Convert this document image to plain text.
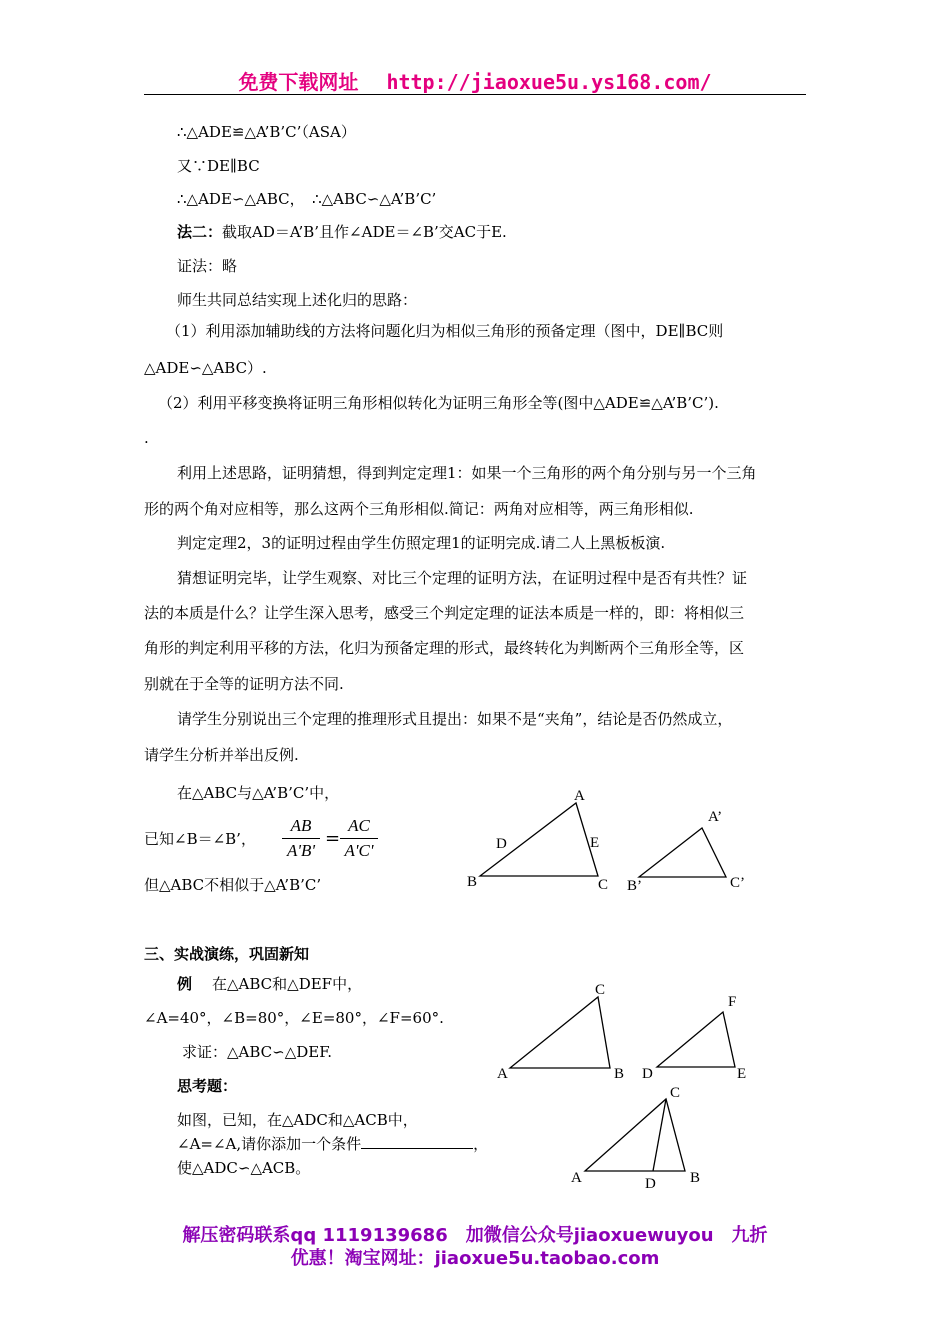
免费下载网址 http://jiaoxue5u.ys168.com/
∴△ADE≌△A’B’C’（ASA）
又∵DE∥BC
∴△ADE∽△ABC，　∴△ABC∽△A’B’C’
法二：截取AD＝A’B’且作∠ADE＝∠B’交AC于E.
证法：略
师生共同总结实现上述化归的思路：
（1）利用添加辅助线的方法将问题化归为相似三角形的预备定理（图中，DE∥BC则
△ADE∽△ABC）.
（2）利用平移变换将证明三角形相似转化为证明三角形全等(图中△ADE≌△A’B’C’).
.
利用上述思路，证明猜想，得到判定定理1：如果一个三角形的两个角分别与另一个三角
形的两个角对应相等，那么这两个三角形相似.简记：两角对应相等，两三角形相似.
判定定理2，3的证明过程由学生仿照定理1的证明完成.请二人上黑板板演.
猜想证明完毕，让学生观察、对比三个定理的证明方法，在证明过程中是否有共性？证
法的本质是什么？让学生深入思考，感受三个判定定理的证法本质是一样的，即：将相似三
角形的判定利用平移的方法，化归为预备定理的形式，最终转化为判断两个三角形全等，区
别就在于全等的证明方法不同.
请学生分别说出三个定理的推理形式且提出：如果不是“夹角”，结论是否仍然成立，
请学生分析并举出反例.
在△ABC与△A’B’C’中，
已知∠B＝∠B’，
AB
A'B'
=
AC
A'C'
但△ABC不相似于△A’B’C’
三、实战演练，巩固新知
例 在△ABC和△DEF中，
∠A=40°，∠B=80°，∠E=80°，∠F=60°.
求证：△ABC∽△DEF.
思考题：
如图，已知，在△ADC和△ACB中，
∠A=∠A,请你添加一个条件	，
使△ADC∽△ACB。
A
B	C
D	E
A’
B’	C’
C
A	B
F
D	E
C
A	D B
解压密码联系qq 1119139686　加微信公众号jiaoxuewuyou　九折
优惠！淘宝网址：jiaoxue5u.taobao.com
